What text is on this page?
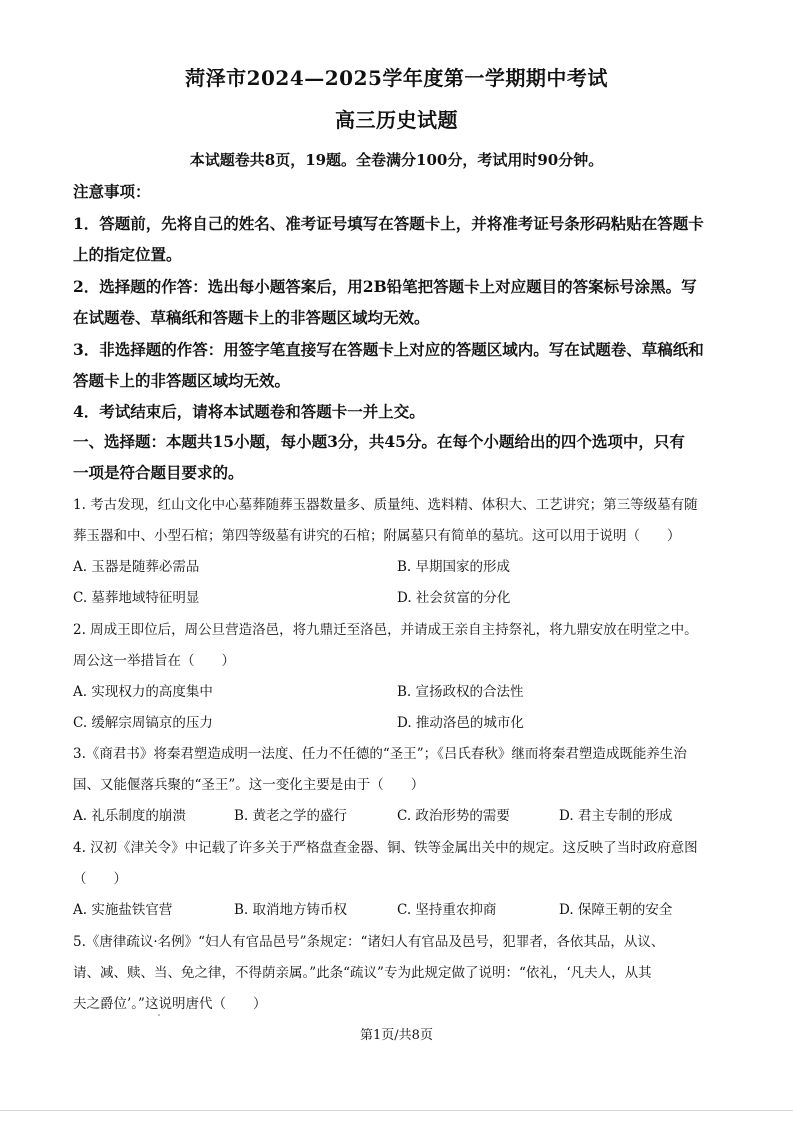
菏泽市2024—2025学年度第一学期期中考试
高三历史试题
本试题卷共8页，19题。全卷满分100分，考试用时90分钟。
注意事项：
1．答题前，先将自己的姓名、准考证号填写在答题卡上，并将准考证号条形码粘贴在答题卡
上的指定位置。
2．选择题的作答：选出每小题答案后，用2B铅笔把答题卡上对应题目的答案标号涂黑。写
在试题卷、草稿纸和答题卡上的非答题区域均无效。
3．非选择题的作答：用签字笔直接写在答题卡上对应的答题区域内。写在试题卷、草稿纸和
答题卡上的非答题区域均无效。
4．考试结束后，请将本试题卷和答题卡一并上交。
一、选择题：本题共15小题，每小题3分，共45分。在每个小题给出的四个选项中，只有
一项是符合题目要求的。
1. 考古发现，红山文化中心墓葬随葬玉器数量多、质量纯、选料精、体积大、工艺讲究；第三等级墓有随
葬玉器和中、小型石棺；第四等级墓有讲究的石棺；附属墓只有简单的墓坑。这可以用于说明（　　）
A. 玉器是随葬必需品	B. 早期国家的形成
C. 墓葬地域特征明显	D. 社会贫富的分化
2. 周成王即位后，周公旦营造洛邑，将九鼎迁至洛邑，并请成王亲自主持祭礼，将九鼎安放在明堂之中。
周公这一举措旨在（　　）
A. 实现权力的高度集中	B. 宣扬政权的合法性
C. 缓解宗周镐京的压力	D. 推动洛邑的城市化
3.《商君书》将秦君塑造成明一法度、任力不任德的“圣王”；《吕氏春秋》继而将秦君塑造成既能养生治
国、又能偃落兵聚的“圣王”。这一变化主要是由于（　　）
A. 礼乐制度的崩溃	B. 黄老之学的盛行	C. 政治形势的需要	D. 君主专制的形成
4. 汉初《津关令》中记载了许多关于严格盘查金器、铜、铁等金属出关中的规定。这反映了当时政府意图
（　　）
A. 实施盐铁官营	B. 取消地方铸币权	C. 坚持重农抑商	D. 保障王朝的安全
5.《唐律疏议·名例》“妇人有官品邑号”条规定：“诸妇人有官品及邑号，犯罪者，各依其品，从议、
请、减、赎、当、免之律，不得荫亲属。”此条“疏议”专为此规定做了说明：“依礼，‘凡夫人，从其
夫之爵位’。”这说明唐代（　　）
第1页/共8页
